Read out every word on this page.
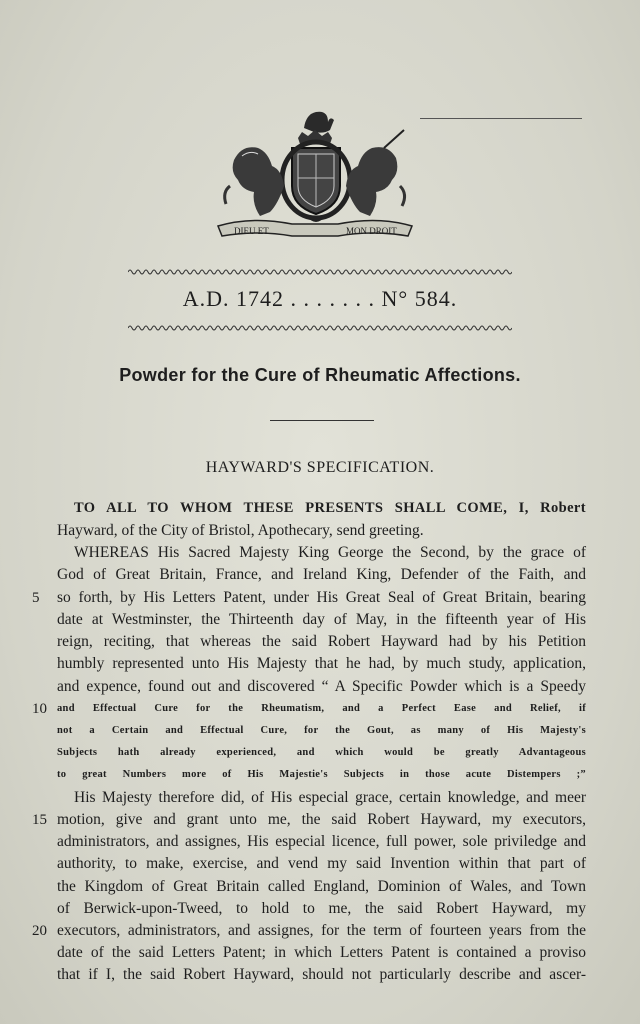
DIEU ET	MON DROIT
A.D. 1742 . . . . . . . N° 584.
Powder for the Cure of Rheumatic Affections.
HAYWARD'S SPECIFICATION.
TO ALL TO WHOM THESE PRESENTS SHALL COME, I, Robert
Hayward, of the City of Bristol, Apothecary, send greeting.
WHEREAS His Sacred Majesty King George the Second, by the grace of
God of Great Britain, France, and Ireland King, Defender of the Faith, and
so forth, by His Letters Patent, under His Great Seal of Great Britain, bearing
date at Westminster, the Thirteenth day of May, in the fifteenth year of His
reign, reciting, that whereas the said Robert Hayward had by his Petition
humbly represented unto His Majesty that he had, by much study, application,
and expence, found out and discovered “ A Specific Powder which is a Speedy
and Effectual Cure for the Rheumatism, and a Perfect Ease and Relief, if
not a Certain and Effectual Cure, for the Gout, as many of His Majesty's
Subjects hath already experienced, and which would be greatly Advantageous
to great Numbers more of His Majestie's Subjects in those acute Distempers ;”
His Majesty therefore did, of His especial grace, certain knowledge, and meer
motion, give and grant unto me, the said Robert Hayward, my executors,
administrators, and assignes, His especial licence, full power, sole priviledge and
authority, to make, exercise, and vend my said Invention within that part of
the Kingdom of Great Britain called England, Dominion of Wales, and Town
of Berwick-upon-Tweed, to hold to me, the said Robert Hayward, my
executors, administrators, and assignes, for the term of fourteen years from the
date of the said Letters Patent; in which Letters Patent is contained a proviso
that if I, the said Robert Hayward, should not particularly describe and ascer-
5
10
15
20
